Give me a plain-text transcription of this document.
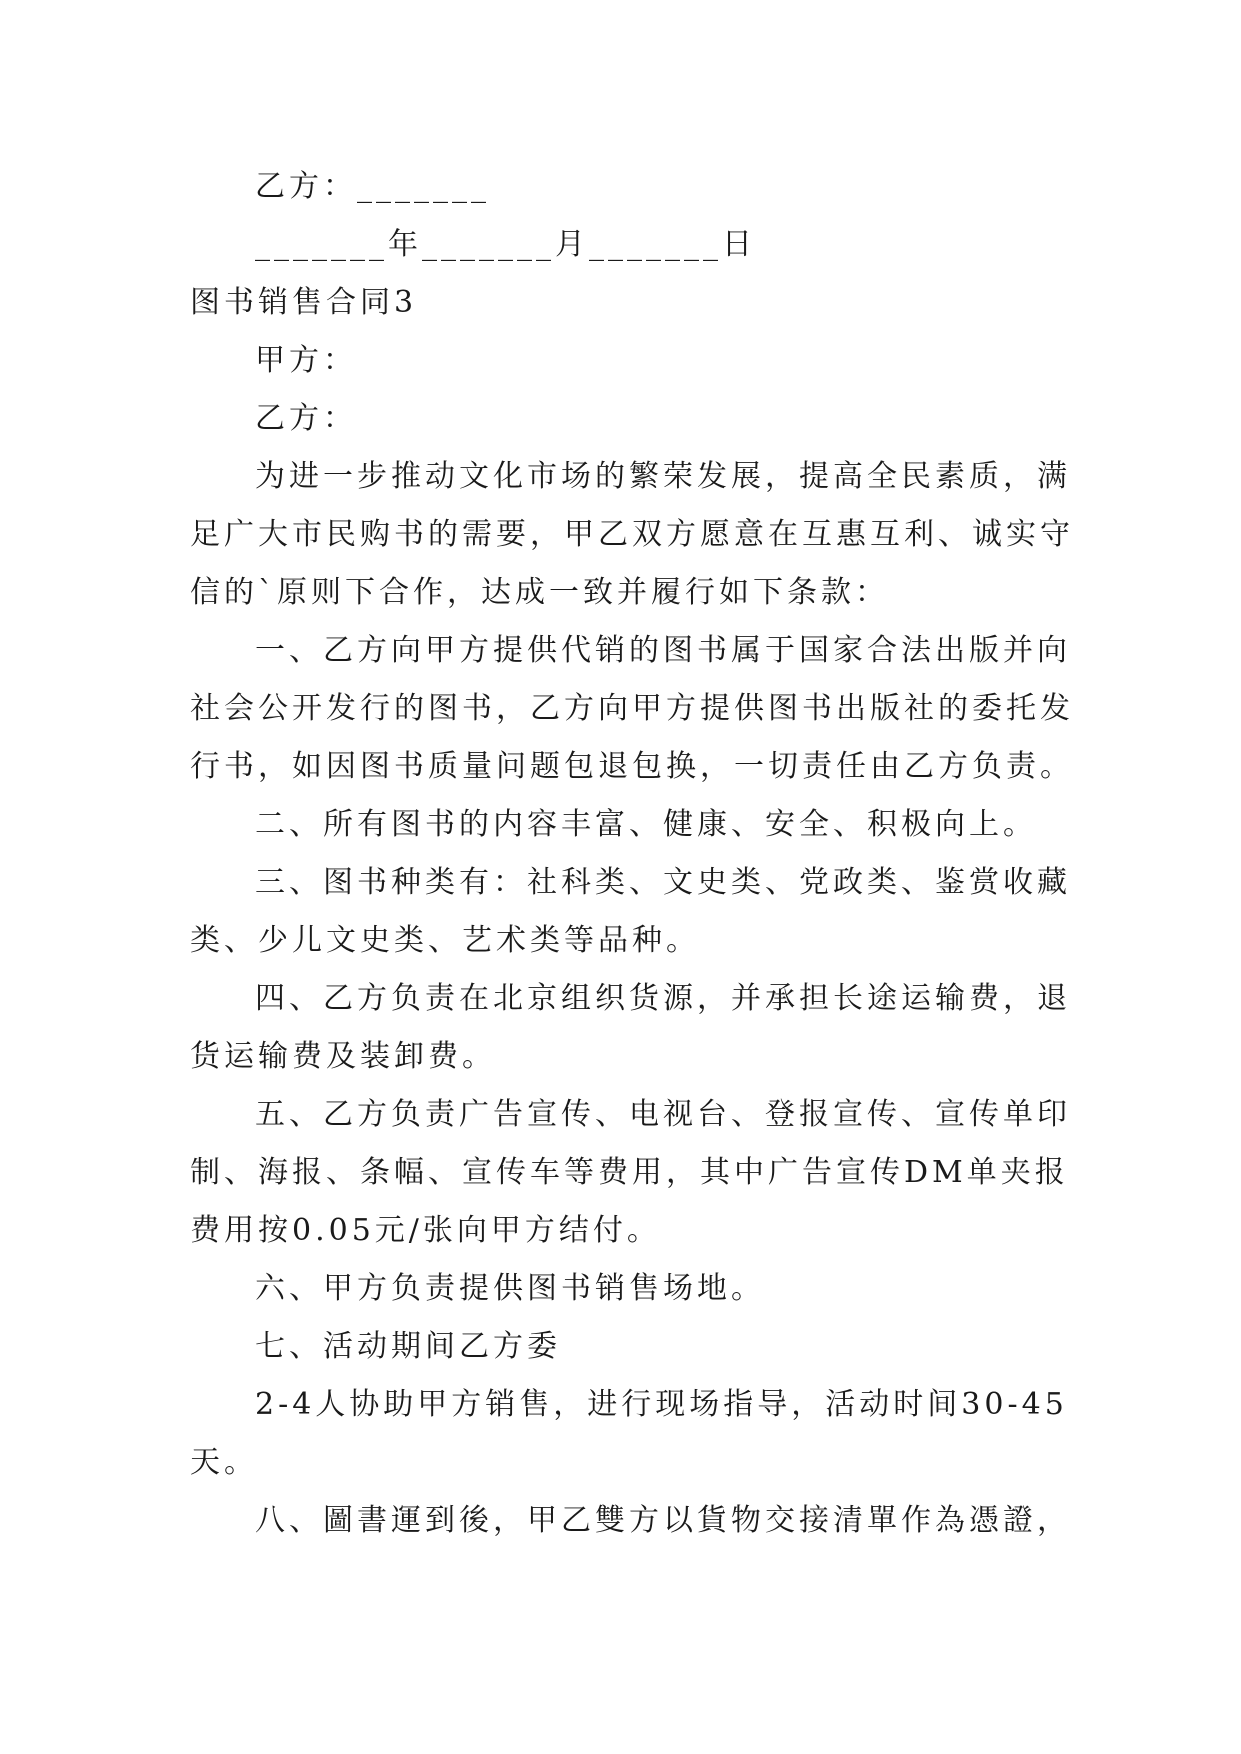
乙方：_______
_______年_______月_______日
图书销售合同3
甲方：
乙方：
为进一步推动文化市场的繁荣发展，提高全民素质，满
足广大市民购书的需要，甲乙双方愿意在互惠互利、诚实守
信的`原则下合作，达成一致并履行如下条款：
一、乙方向甲方提供代销的图书属于国家合法出版并向
社会公开发行的图书，乙方向甲方提供图书出版社的委托发
行书，如因图书质量问题包退包换，一切责任由乙方负责。
二、所有图书的内容丰富、健康、安全、积极向上。
三、图书种类有：社科类、文史类、党政类、鉴赏收藏
类、少儿文史类、艺术类等品种。
四、乙方负责在北京组织货源，并承担长途运输费，退
货运输费及装卸费。
五、乙方负责广告宣传、电视台、登报宣传、宣传单印
制、海报、条幅、宣传车等费用，其中广告宣传DM单夹报
费用按0.05元/张向甲方结付。
六、甲方负责提供图书销售场地。
七、活动期间乙方委
2-4人协助甲方销售，进行现场指导，活动时间30-45
天。
八、圖書運到後，甲乙雙方以貨物交接清單作為憑證，
